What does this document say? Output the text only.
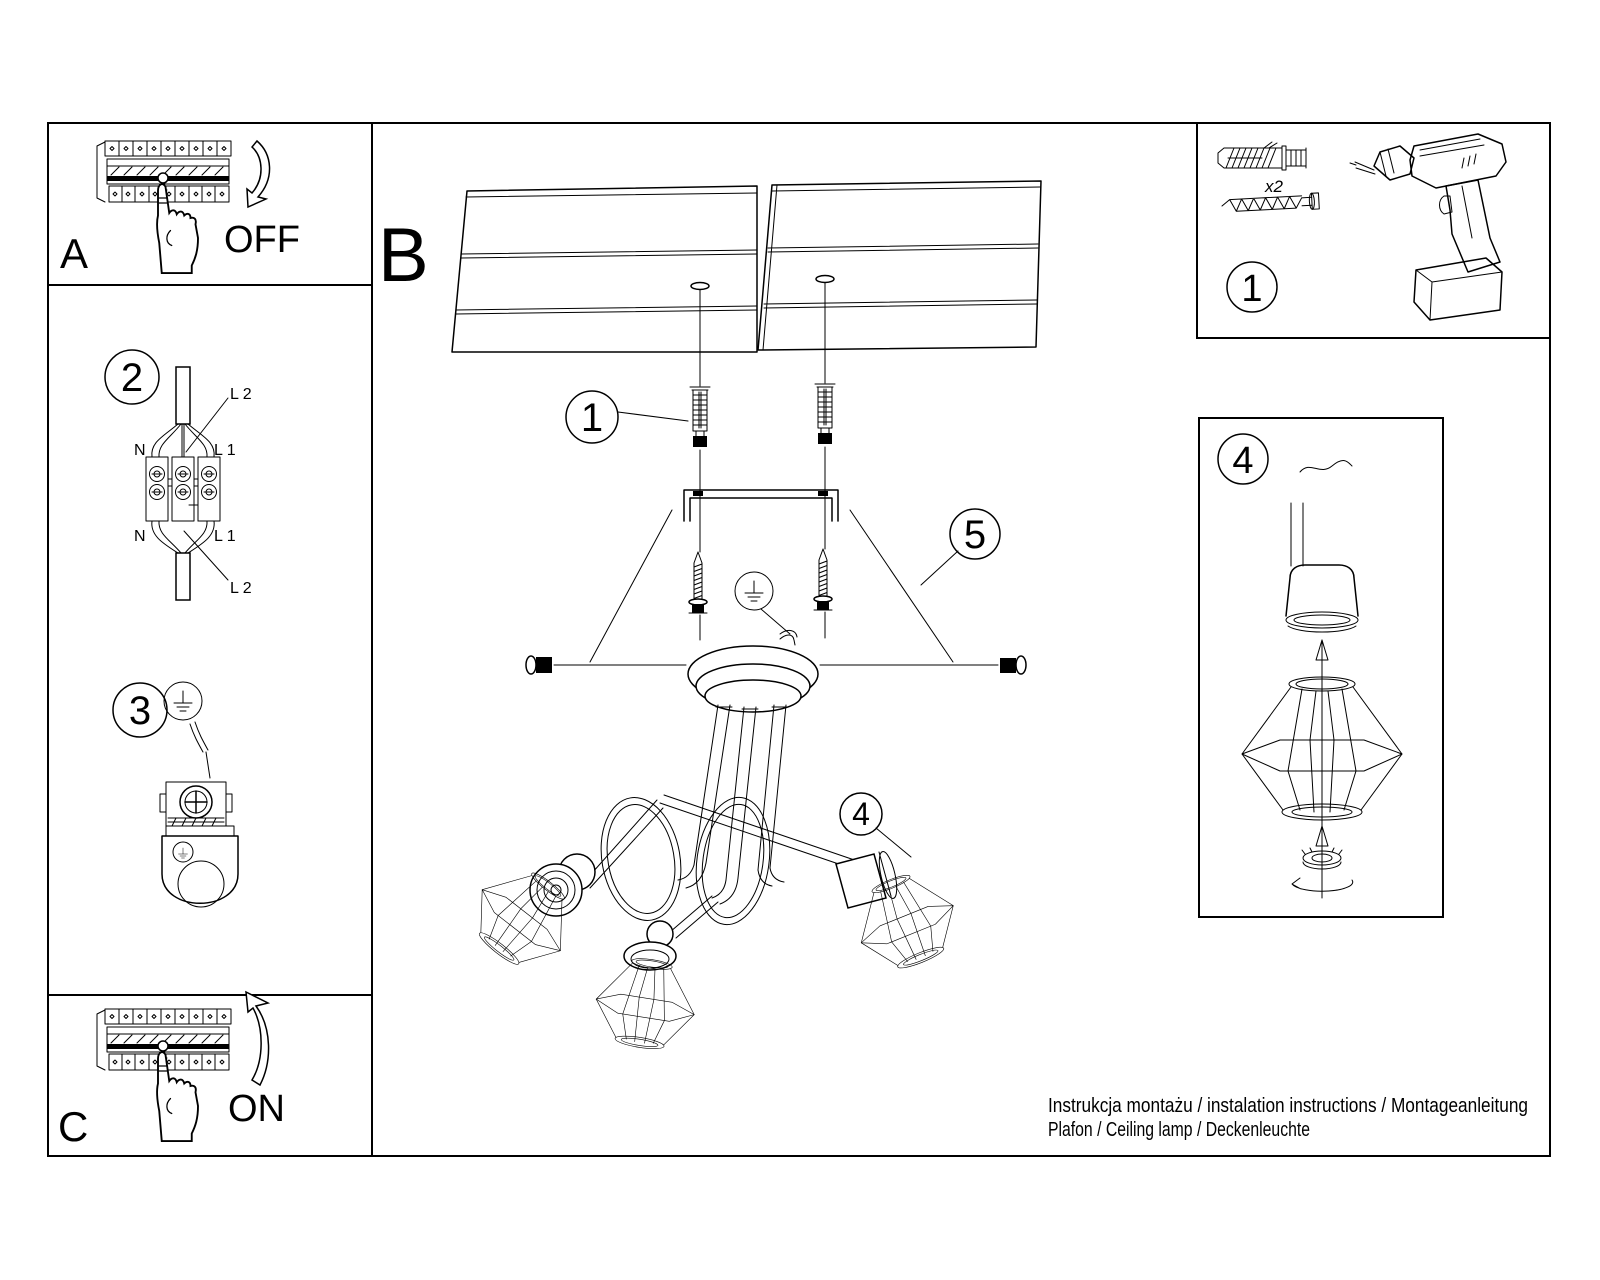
A	OFF
2
N	L 1
L 2
N	L 1
L 2
3
C	ON
B
1
5
4
x2
1
4
Instrukcja montażu / instalation instructions / Montageanleitung
Plafon / Ceiling lamp / Deckenleuchte
